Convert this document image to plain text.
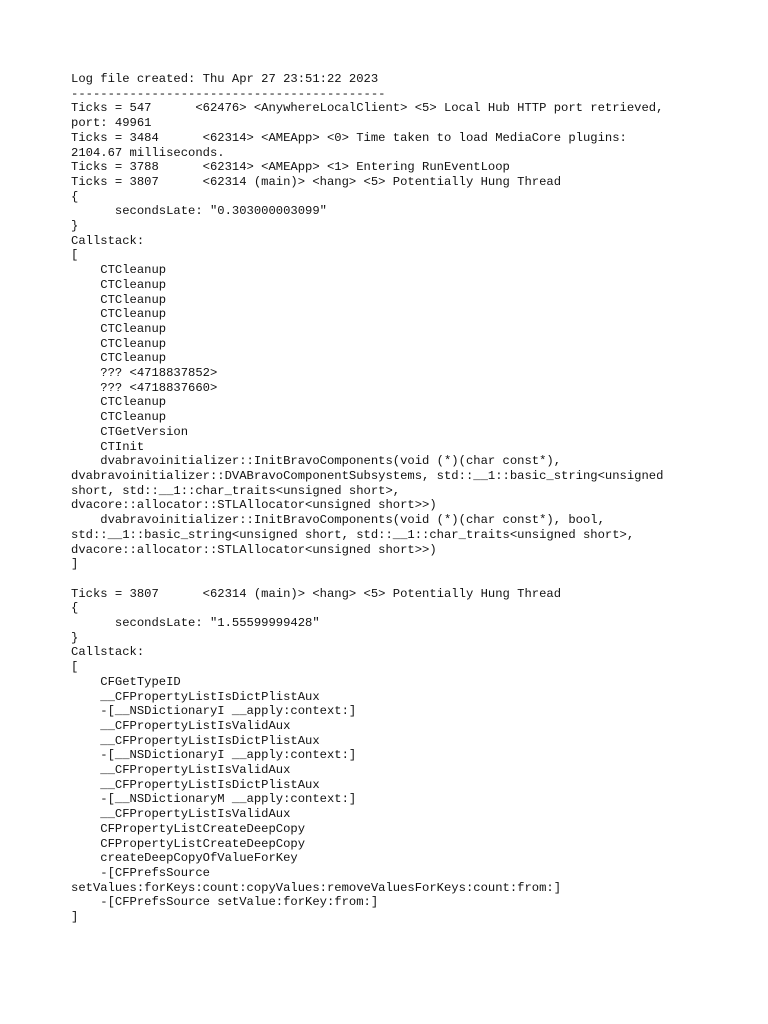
Log file created: Thu Apr 27 23:51:22 2023
-------------------------------------------
Ticks = 547      <62476> <AnywhereLocalClient> <5> Local Hub HTTP port retrieved,
port: 49961
Ticks = 3484      <62314> <AMEApp> <0> Time taken to load MediaCore plugins:
2104.67 milliseconds.
Ticks = 3788      <62314> <AMEApp> <1> Entering RunEventLoop
Ticks = 3807      <62314 (main)> <hang> <5> Potentially Hung Thread
{
secondsLate: "0.303000003099"
}
Callstack:
[
CTCleanup
CTCleanup
CTCleanup
CTCleanup
CTCleanup
CTCleanup
CTCleanup
??? <4718837852>
??? <4718837660>
CTCleanup
CTCleanup
CTGetVersion
CTInit
dvabravoinitializer::InitBravoComponents(void (*)(char const*),
dvabravoinitializer::DVABravoComponentSubsystems, std::__1::basic_string<unsigned
short, std::__1::char_traits<unsigned short>,
dvacore::allocator::STLAllocator<unsigned short>>)
dvabravoinitializer::InitBravoComponents(void (*)(char const*), bool,
std::__1::basic_string<unsigned short, std::__1::char_traits<unsigned short>,
dvacore::allocator::STLAllocator<unsigned short>>)
]

Ticks = 3807      <62314 (main)> <hang> <5> Potentially Hung Thread
{
secondsLate: "1.55599999428"
}
Callstack:
[
CFGetTypeID
__CFPropertyListIsDictPlistAux
-[__NSDictionaryI __apply:context:]
__CFPropertyListIsValidAux
__CFPropertyListIsDictPlistAux
-[__NSDictionaryI __apply:context:]
__CFPropertyListIsValidAux
__CFPropertyListIsDictPlistAux
-[__NSDictionaryM __apply:context:]
__CFPropertyListIsValidAux
CFPropertyListCreateDeepCopy
CFPropertyListCreateDeepCopy
createDeepCopyOfValueForKey
-[CFPrefsSource
setValues:forKeys:count:copyValues:removeValuesForKeys:count:from:]
-[CFPrefsSource setValue:forKey:from:]
]
